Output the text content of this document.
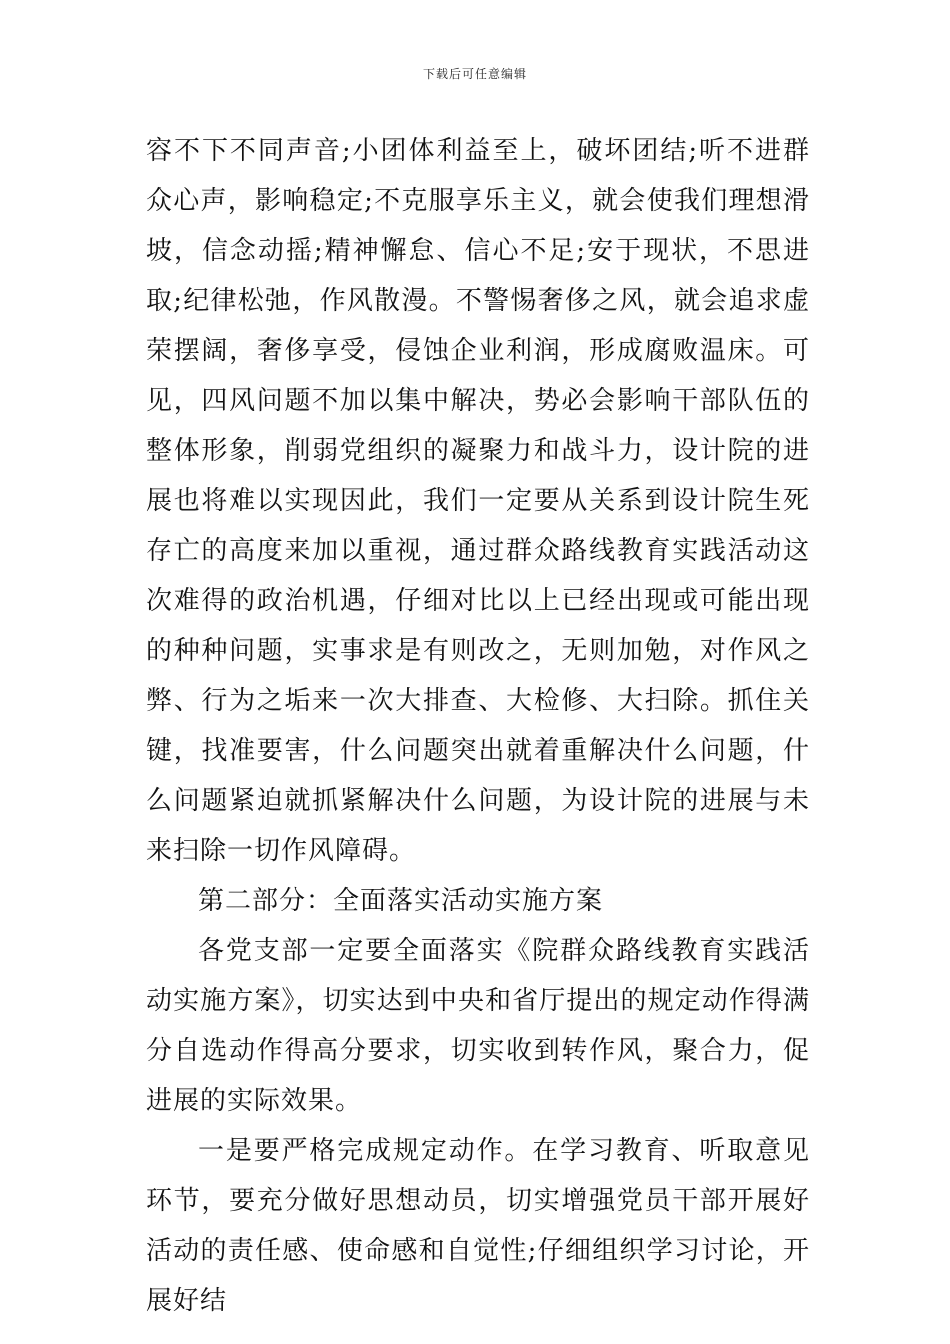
下载后可任意编辑

容不下不同声音;小团体利益至上，破坏团结;听不进群众心声，影响稳定;不克服享乐主义，就会使我们理想滑坡，信念动摇;精神懈怠、信心不足;安于现状，不思进取;纪律松弛，作风散漫。不警惕奢侈之风，就会追求虚荣摆阔，奢侈享受，侵蚀企业利润，形成腐败温床。可见，四风问题不加以集中解决，势必会影响干部队伍的整体形象，削弱党组织的凝聚力和战斗力，设计院的进展也将难以实现因此，我们一定要从关系到设计院生死存亡的高度来加以重视，通过群众路线教育实践活动这次难得的政治机遇，仔细对比以上已经出现或可能出现的种种问题，实事求是有则改之，无则加勉，对作风之弊、行为之垢来一次大排查、大检修、大扫除。抓住关键，找准要害，什么问题突出就着重解决什么问题，什么问题紧迫就抓紧解决什么问题，为设计院的进展与未来扫除一切作风障碍。

第二部分：全面落实活动实施方案

各党支部一定要全面落实《院群众路线教育实践活动实施方案》，切实达到中央和省厅提出的规定动作得满分自选动作得高分要求，切实收到转作风，聚合力，促进展的实际效果。

一是要严格完成规定动作。在学习教育、听取意见环节，要充分做好思想动员，切实增强党员干部开展好活动的责任感、使命感和自觉性;仔细组织学习讨论，开展好结
